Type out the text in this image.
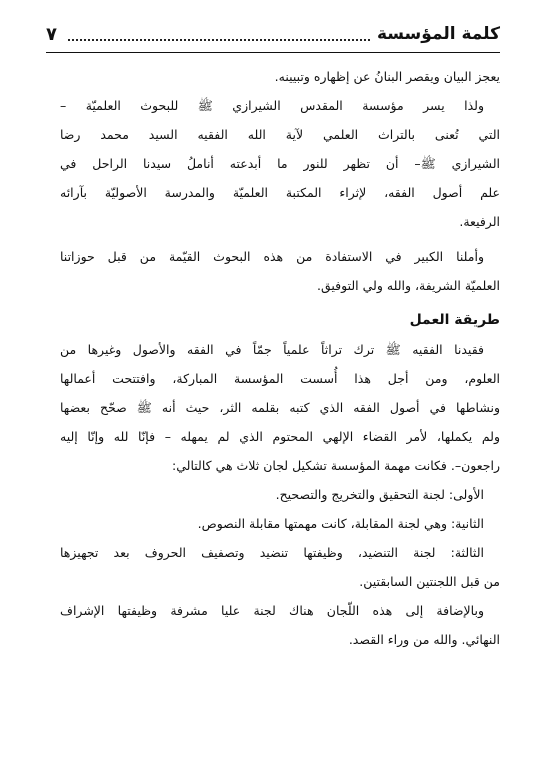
كلمة المؤسسة
٧
يعجز البيان ويقصر البنانُ عن إظهاره وتبيينه.
ولذا يسر مؤسسة المقدس الشيرازي ﷺ للبحوث العلميّة –
التي تُعنى بالتراث العلمي لآية الله الفقيه السيد محمد رضا
الشيرازي ﷺ– أن تظهر للنور ما أبدعته أناملُ سيدنا الراحل في
علم أصول الفقه، لإثراء المكتبة العلميّة والمدرسة الأصوليّة بآرائه
الرفيعة.
وأملنا الكبير في الاستفادة من هذه البحوث القيّمة من قبل حوزاتنا
العلميّة الشريفة، والله ولي التوفيق.
طريقة العمل
فقيدنا الفقيه ﷺ ترك تراثاً علمياً جمّاً في الفقه والأصول وغيرها من
العلوم، ومن أجل هذا أُسست المؤسسة المباركة، وافتتحت أعمالها
ونشاطها في أصول الفقه الذي كتبه بقلمه الثر، حيث أنه ﷺ صحّح بعضها
ولم يكملها، لأمر القضاء الإلهي المحتوم الذي لم يمهله – فإنّا لله وإنّا إليه
راجعون–. فكانت مهمة المؤسسة تشكيل لجان ثلاث هي كالتالي:
الأولى: لجنة التحقيق والتخريج والتصحيح.
الثانية: وهي لجنة المقابلة، كانت مهمتها مقابلة النصوص.
الثالثة: لجنة التنضيد، وظيفتها تنضيد وتصفيف الحروف بعد تجهيزها
من قبل اللجنتين السابقتين.
وبالإضافة إلى هذه اللّجان هناك لجنة عليا مشرفة وظيفتها الإشراف
النهائي. والله من وراء القصد.
